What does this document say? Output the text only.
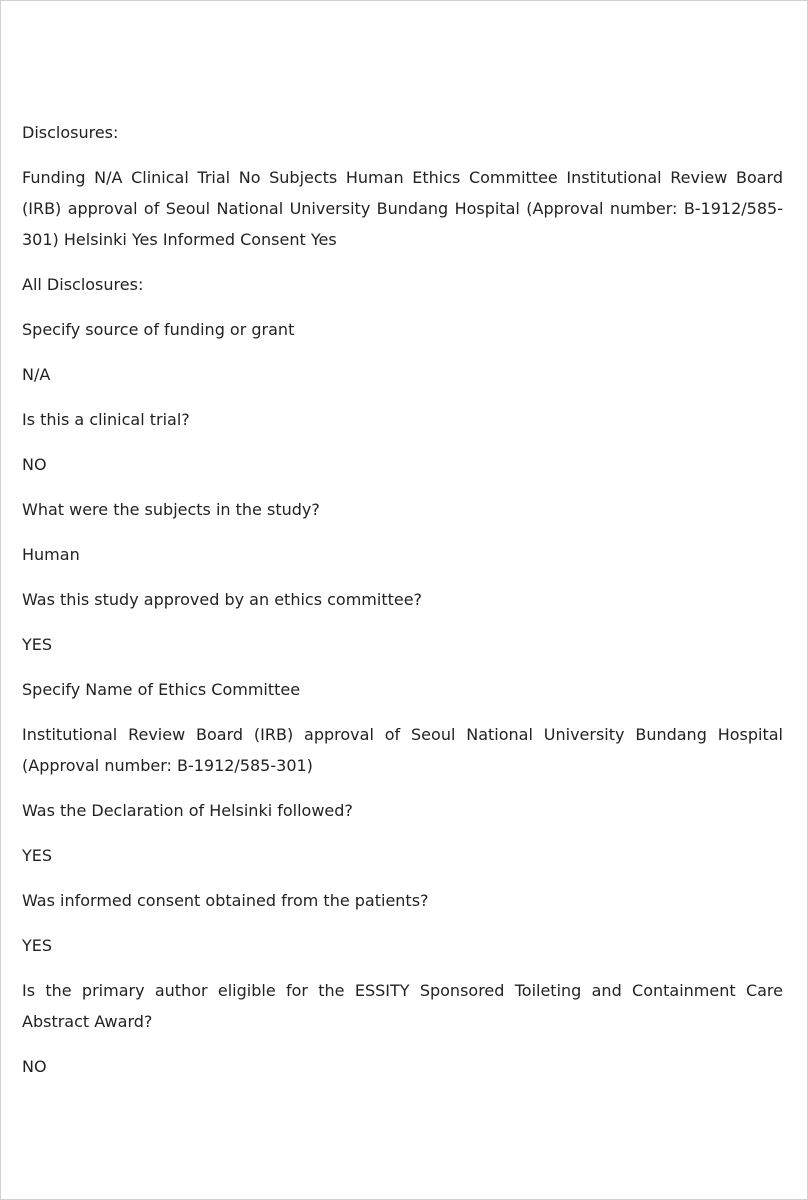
Disclosures:

Funding N/A Clinical Trial No Subjects Human Ethics Committee Institutional Review Board (IRB) approval of Seoul National University Bundang Hospital (Approval number: B-1912/585-301) Helsinki Yes Informed Consent Yes

All Disclosures:

Specify source of funding or grant

N/A

Is this a clinical trial?

NO

What were the subjects in the study?

Human

Was this study approved by an ethics committee?

YES

Specify Name of Ethics Committee

Institutional Review Board (IRB) approval of Seoul National University Bundang Hospital (Approval number: B-1912/585-301)

Was the Declaration of Helsinki followed?

YES

Was informed consent obtained from the patients?

YES

Is the primary author eligible for the ESSITY Sponsored Toileting and Containment Care Abstract Award?

NO
